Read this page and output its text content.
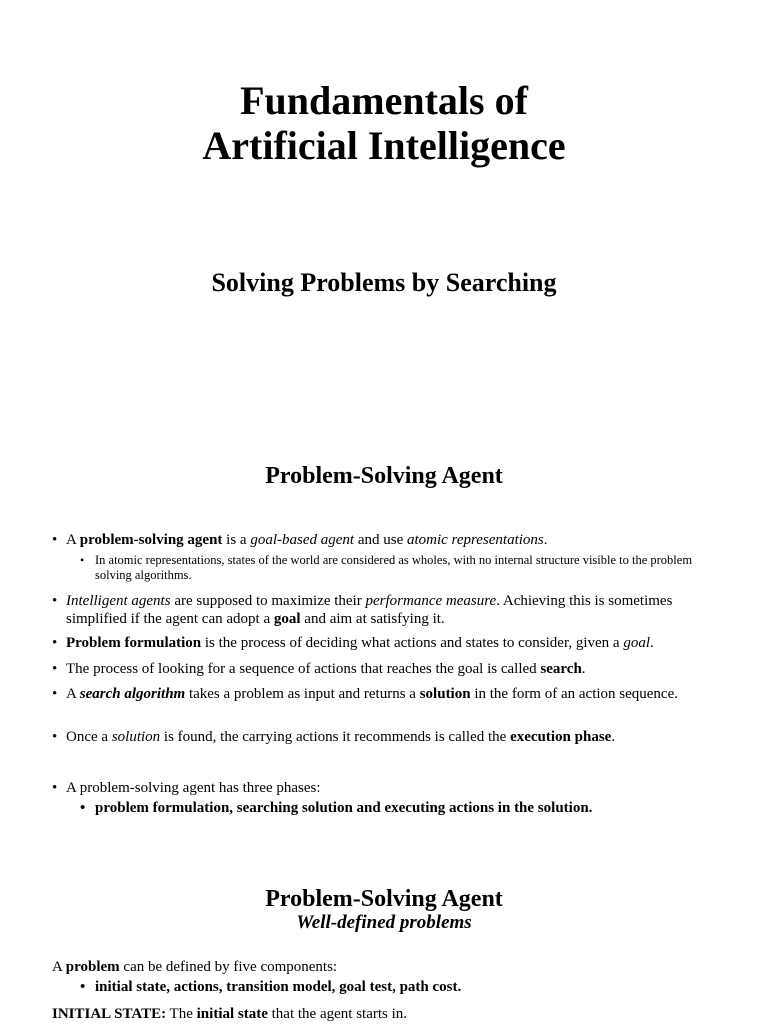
Fundamentals of
Artificial Intelligence
Solving Problems by Searching
Problem-Solving Agent
• A problem-solving agent is a goal-based agent and use atomic representations.
• In atomic representations, states of the world are considered as wholes, with no internal structure visible to the problem solving algorithms.
• Intelligent agents are supposed to maximize their performance measure. Achieving this is sometimes simplified if the agent can adopt a goal and aim at satisfying it.
• Problem formulation is the process of deciding what actions and states to consider, given a goal.
• The process of looking for a sequence of actions that reaches the goal is called search.
• A search algorithm takes a problem as input and returns a solution in the form of an action sequence.
• Once a solution is found, the carrying actions it recommends is called the execution phase.
• A problem-solving agent has three phases:
• problem formulation, searching solution and executing actions in the solution.
Problem-Solving Agent
Well-defined problems
A problem can be defined by five components:
• initial state, actions, transition model, goal test, path cost.
INITIAL STATE: The initial state that the agent starts in.
